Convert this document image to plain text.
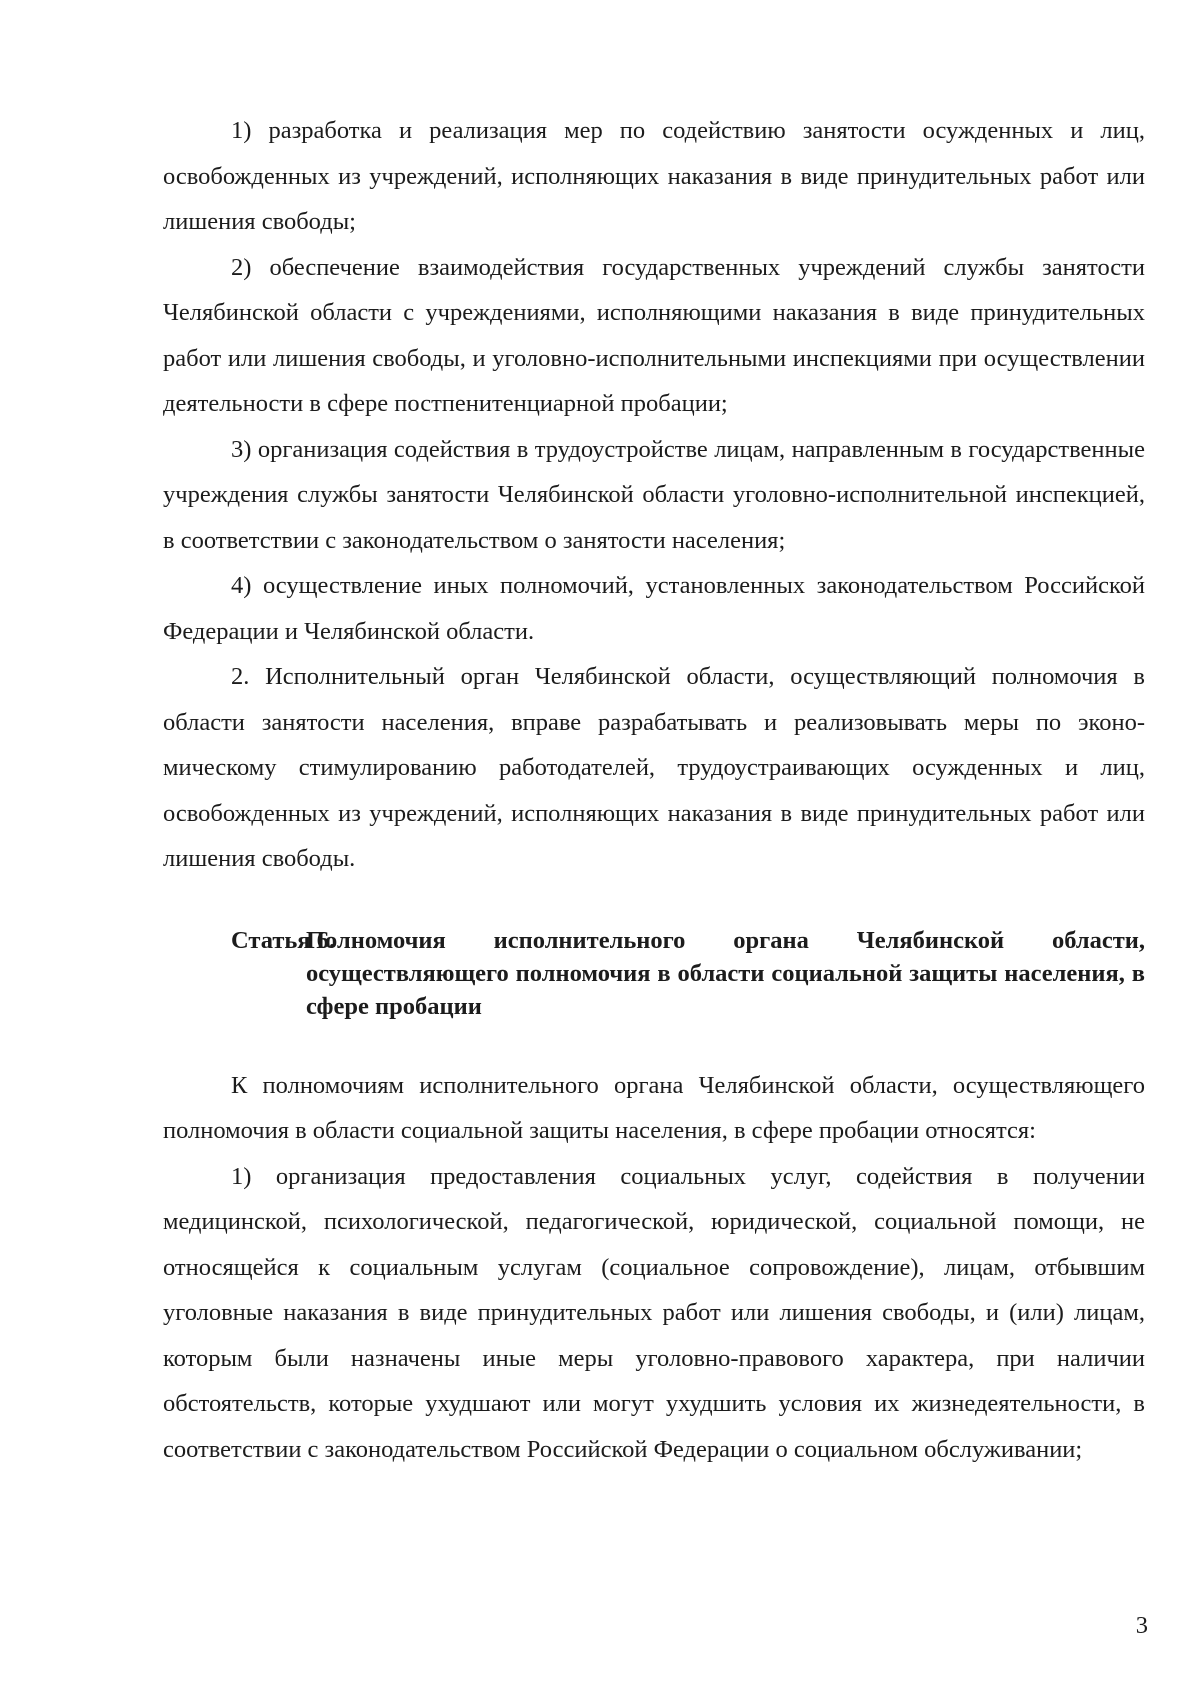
1) разработка и реализация мер по содействию занятости осужденных и лиц, освобожденных из учреждений, исполняющих наказания в виде принудительных работ или лишения свободы;

2) обеспечение взаимодействия государственных учреждений службы занятости Челябинской области с учреждениями, исполняющими наказания в виде принудительных работ или лишения свободы, и уголовно-исполнительными инспекциями при осуществлении деятельности в сфере постпенитенциарной пробации;

3) организация содействия в трудоустройстве лицам, направленным в государственные учреждения службы занятости Челябинской области уголовно-исполнительной инспекцией, в соответствии с законодательством о занятости населения;

4) осуществление иных полномочий, установленных законодательством Российской Федерации и Челябинской области.

2. Исполнительный орган Челябинской области, осуществляющий полномочия в области занятости населения, вправе разрабатывать и реализовывать меры по экономическому стимулированию работодателей, трудоустраивающих осужденных и лиц, освобожденных из учреждений, исполняющих наказания в виде принудительных работ или лишения свободы.

Статья 6.
Полномочия исполнительного органа Челябинской области, осуществляющего полномочия в области социальной защиты населения, в сфере пробации

К полномочиям исполнительного органа Челябинской области, осуществляющего полномочия в области социальной защиты населения, в сфере пробации относятся:

1) организация предоставления социальных услуг, содействия в получении медицинской, психологической, педагогической, юридической, социальной помощи, не относящейся к социальным услугам (социальное сопровождение), лицам, отбывшим уголовные наказания в виде принудительных работ или лишения свободы, и (или) лицам, которым были назначены иные меры уголовно-правового характера, при наличии обстоятельств, которые ухудшают или могут ухудшить условия их жизнедеятельности, в соответствии с законодательством Российской Федерации о социальном обслуживании;

3
